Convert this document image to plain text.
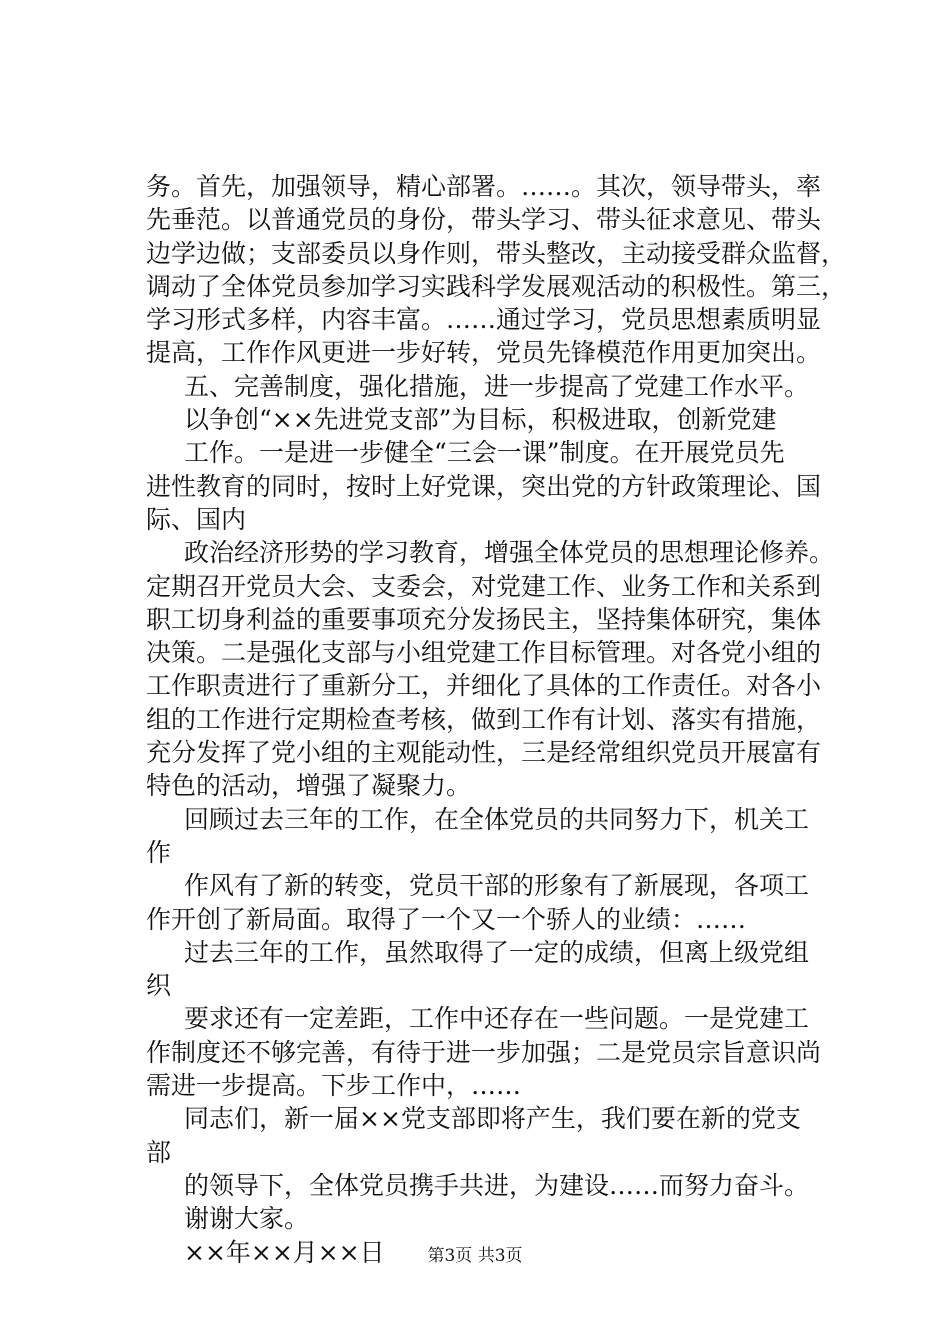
务。首先，加强领导，精心部署。……。其次，领导带头，率
先垂范。以普通党员的身份，带头学习、带头征求意见、带头
边学边做；支部委员以身作则，带头整改，主动接受群众监督，
调动了全体党员参加学习实践科学发展观活动的积极性。第三，
学习形式多样，内容丰富。……通过学习，党员思想素质明显
提高，工作作风更进一步好转，党员先锋模范作用更加突出。
五、完善制度，强化措施，进一步提高了党建工作水平。
以争创“××先进党支部”为目标，积极进取，创新党建
工作。一是进一步健全“三会一课”制度。在开展党员先
进性教育的同时，按时上好党课，突出党的方针政策理论、国
际、国内
政治经济形势的学习教育，增强全体党员的思想理论修养。
定期召开党员大会、支委会，对党建工作、业务工作和关系到
职工切身利益的重要事项充分发扬民主，坚持集体研究，集体
决策。二是强化支部与小组党建工作目标管理。对各党小组的
工作职责进行了重新分工，并细化了具体的工作责任。对各小
组的工作进行定期检查考核，做到工作有计划、落实有措施，
充分发挥了党小组的主观能动性，三是经常组织党员开展富有
特色的活动，增强了凝聚力。
回顾过去三年的工作，在全体党员的共同努力下，机关工
作
作风有了新的转变，党员干部的形象有了新展现，各项工
作开创了新局面。取得了一个又一个骄人的业绩：……
过去三年的工作，虽然取得了一定的成绩，但离上级党组
织
要求还有一定差距，工作中还存在一些问题。一是党建工
作制度还不够完善，有待于进一步加强；二是党员宗旨意识尚
需进一步提高。下步工作中，……
同志们，新一届××党支部即将产生，我们要在新的党支
部
的领导下，全体党员携手共进，为建设……而努力奋斗。
谢谢大家。
××年××月××日	第3页 共3页
